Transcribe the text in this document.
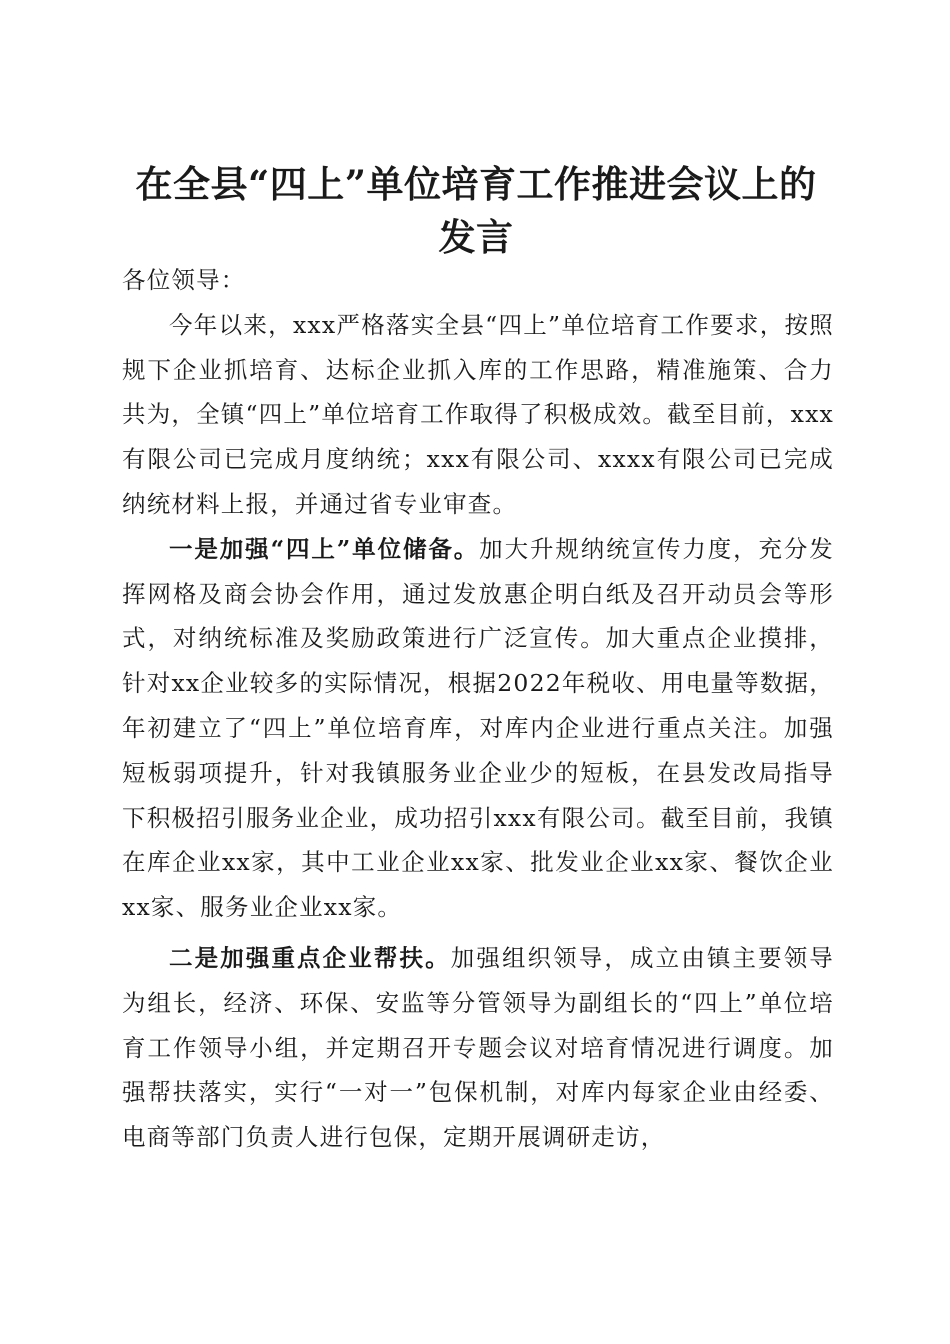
在全县“四上”单位培育工作推进会议上的发言

各位领导：

今年以来，xxx严格落实全县“四上”单位培育工作要求，按照规下企业抓培育、达标企业抓入库的工作思路，精准施策、合力共为，全镇“四上”单位培育工作取得了积极成效。截至目前，xxx有限公司已完成月度纳统；xxx有限公司、xxxx有限公司已完成纳统材料上报，并通过省专业审查。

一是加强“四上”单位储备。加大升规纳统宣传力度，充分发挥网格及商会协会作用，通过发放惠企明白纸及召开动员会等形式，对纳统标准及奖励政策进行广泛宣传。加大重点企业摸排，针对xx企业较多的实际情况，根据2022年税收、用电量等数据，年初建立了“四上”单位培育库，对库内企业进行重点关注。加强短板弱项提升，针对我镇服务业企业少的短板，在县发改局指导下积极招引服务业企业，成功招引xxx有限公司。截至目前，我镇在库企业xx家，其中工业企业xx家、批发业企业xx家、餐饮企业xx家、服务业企业xx家。

二是加强重点企业帮扶。加强组织领导，成立由镇主要领导为组长，经济、环保、安监等分管领导为副组长的“四上”单位培育工作领导小组，并定期召开专题会议对培育情况进行调度。加强帮扶落实，实行“一对一”包保机制，对库内每家企业由经委、电商等部门负责人进行包保，定期开展调研走访，
